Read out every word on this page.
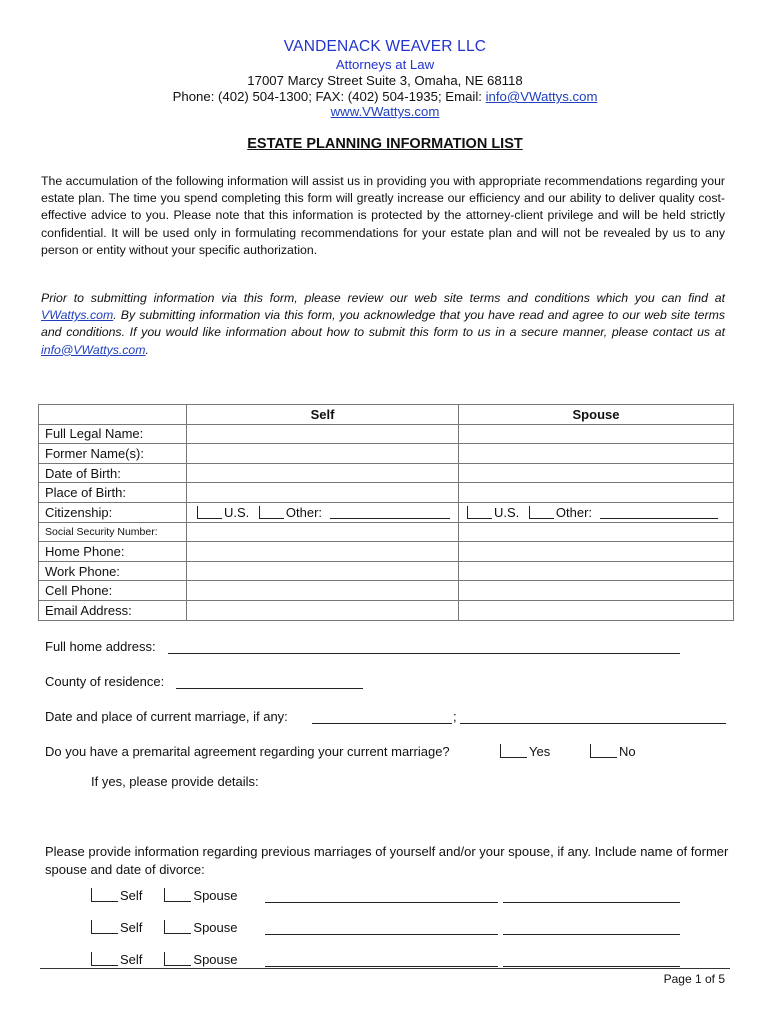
VANDENACK WEAVER LLC
Attorneys at Law
17007 Marcy Street Suite 3, Omaha, NE 68118
Phone: (402) 504-1300; FAX: (402) 504-1935; Email: info@VWattys.com
www.VWattys.com
ESTATE PLANNING INFORMATION LIST
The accumulation of the following information will assist us in providing you with appropriate recommendations regarding your estate plan. The time you spend completing this form will greatly increase our efficiency and our ability to deliver quality cost-effective advice to you. Please note that this information is protected by the attorney-client privilege and will be held strictly confidential. It will be used only in formulating recommendations for your estate plan and will not be revealed by us to any person or entity without your specific authorization.
Prior to submitting information via this form, please review our web site terms and conditions which you can find at VWattys.com. By submitting information via this form, you acknowledge that you have read and agree to our web site terms and conditions. If you would like information about how to submit this form to us in a secure manner, please contact us at info@VWattys.com.
	Self	Spouse
Full Legal Name:		
Former Name(s):		
Date of Birth:		
Place of Birth:		
Citizenship:	U.S. Other:	U.S. Other:
Social Security Number:		
Home Phone:		
Work Phone:		
Cell Phone:		
Email Address:		
Full home address:
County of residence:
Date and place of current marriage, if any:	;
Do you have a premarital agreement regarding your current marriage?	Yes	No
If yes, please provide details:
Please provide information regarding previous marriages of yourself and/or your spouse, if any. Include name of former spouse and date of divorce:
Self	Spouse
Self	Spouse
Self	Spouse
Page 1 of 5
